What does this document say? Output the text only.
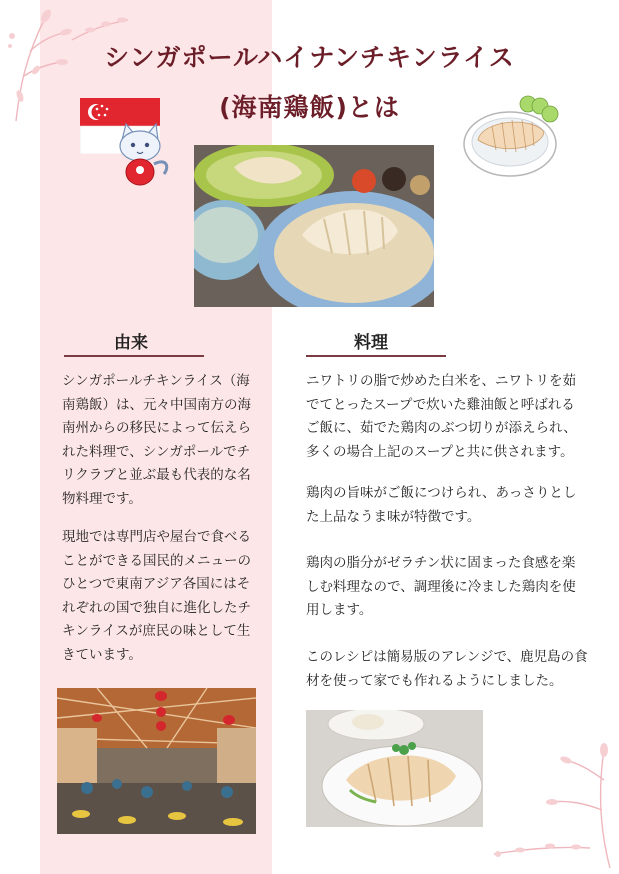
シンガポールハイナンチキンライス
(海南鶏飯)とは
由来

シンガポールチキンライス（海南鶏飯）は、元々中国南方の海南州からの移民によって伝えられた料理で、シンガポールでチリクラブと並ぶ最も代表的な名物料理です。

現地では専門店や屋台で食べることができる国民的メニューのひとつで東南アジア各国にはそれぞれの国で独自に進化したチキンライスが庶民の味として生きています。

料理

ニワトリの脂で炒めた白米を、ニワトリを茹でてとったスープで炊いた雞油飯と呼ばれるご飯に、茹でた鶏肉のぶつ切りが添えられ、多くの場合上記のスープと共に供されます。

鶏肉の旨味がご飯につけられ、あっさりとした上品なうま味が特徴です。

鶏肉の脂分がゼラチン状に固まった食感を楽しむ料理なので、調理後に冷ました鶏肉を使用します。

このレシピは簡易版のアレンジで、鹿児島の食材を使って家でも作れるようにしました。
